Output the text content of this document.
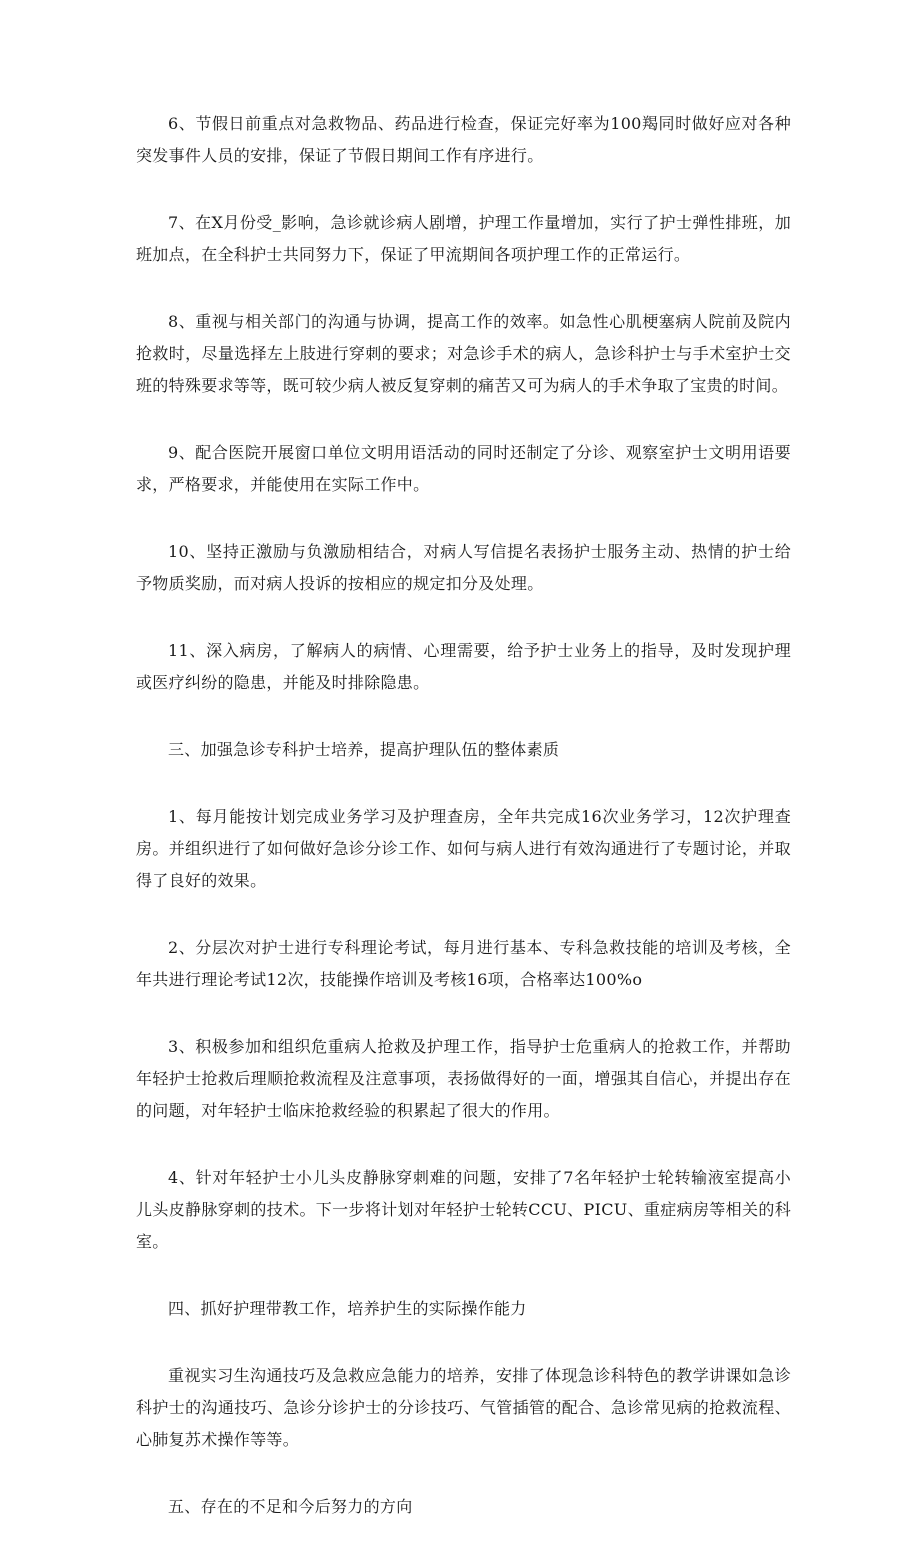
6、节假日前重点对急救物品、药品进行检查，保证完好率为100羯同时做好应对各种突发事件人员的安排，保证了节假日期间工作有序进行。

7、在X月份受_影响，急诊就诊病人剧增，护理工作量增加，实行了护士弹性排班，加班加点，在全科护士共同努力下，保证了甲流期间各项护理工作的正常运行。

8、重视与相关部门的沟通与协调，提高工作的效率。如急性心肌梗塞病人院前及院内抢救时，尽量选择左上肢进行穿刺的要求；对急诊手术的病人，急诊科护士与手术室护士交班的特殊要求等等，既可较少病人被反复穿刺的痛苦又可为病人的手术争取了宝贵的时间。

9、配合医院开展窗口单位文明用语活动的同时还制定了分诊、观察室护士文明用语要求，严格要求，并能使用在实际工作中。

10、坚持正激励与负激励相结合，对病人写信提名表扬护士服务主动、热情的护士给予物质奖励，而对病人投诉的按相应的规定扣分及处理。

11、深入病房，了解病人的病情、心理需要，给予护士业务上的指导，及时发现护理或医疗纠纷的隐患，并能及时排除隐患。

三、加强急诊专科护士培养，提高护理队伍的整体素质

1、每月能按计划完成业务学习及护理查房，全年共完成16次业务学习，12次护理查房。并组织进行了如何做好急诊分诊工作、如何与病人进行有效沟通进行了专题讨论，并取得了良好的效果。

2、分层次对护士进行专科理论考试，每月进行基本、专科急救技能的培训及考核，全年共进行理论考试12次，技能操作培训及考核16项，合格率达100%o

3、积极参加和组织危重病人抢救及护理工作，指导护士危重病人的抢救工作，并帮助年轻护士抢救后理顺抢救流程及注意事项，表扬做得好的一面，增强其自信心，并提出存在的问题，对年轻护士临床抢救经验的积累起了很大的作用。

4、针对年轻护士小儿头皮静脉穿刺难的问题，安排了7名年轻护士轮转输液室提高小儿头皮静脉穿刺的技术。下一步将计划对年轻护士轮转CCU、PICU、重症病房等相关的科室。

四、抓好护理带教工作，培养护生的实际操作能力

重视实习生沟通技巧及急救应急能力的培养，安排了体现急诊科特色的教学讲课如急诊科护士的沟通技巧、急诊分诊护士的分诊技巧、气管插管的配合、急诊常见病的抢救流程、心肺复苏术操作等等。

五、存在的不足和今后努力的方向
